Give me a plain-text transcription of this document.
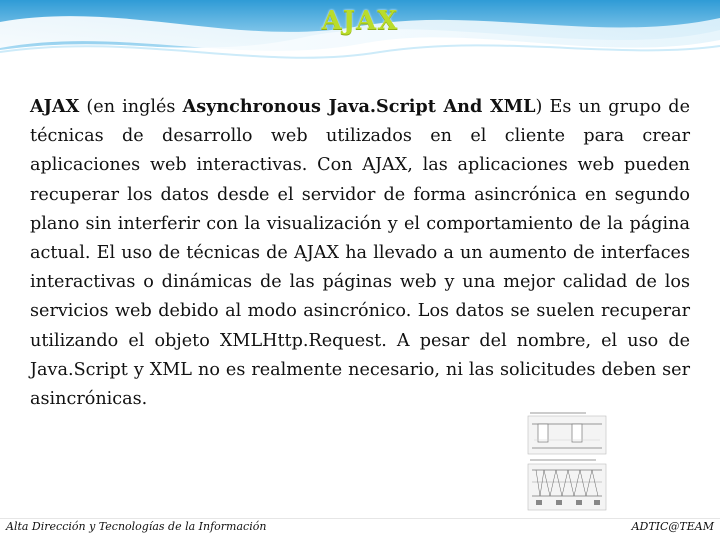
AJAX

AJAX (en inglés Asynchronous Java.Script And XML) Es un grupo de técnicas de desarrollo web utilizados en el cliente para crear aplicaciones web interactivas. Con AJAX, las aplicaciones web pueden recuperar los datos desde el servidor de forma asincrónica en segundo plano sin interferir con la visualización y el comportamiento de la página actual. El uso de técnicas de AJAX ha llevado a un aumento de interfaces interactivas o dinámicas de las páginas web y una mejor calidad de los servicios web debido al modo asincrónico. Los datos se suelen recuperar utilizando el objeto XMLHttp.Request. A pesar del nombre, el uso de Java.Script y XML no es realmente necesario, ni las solicitudes deben ser asincrónicas.

Alta Dirección y Tecnologías de la Información	ADTIC@TEAM
